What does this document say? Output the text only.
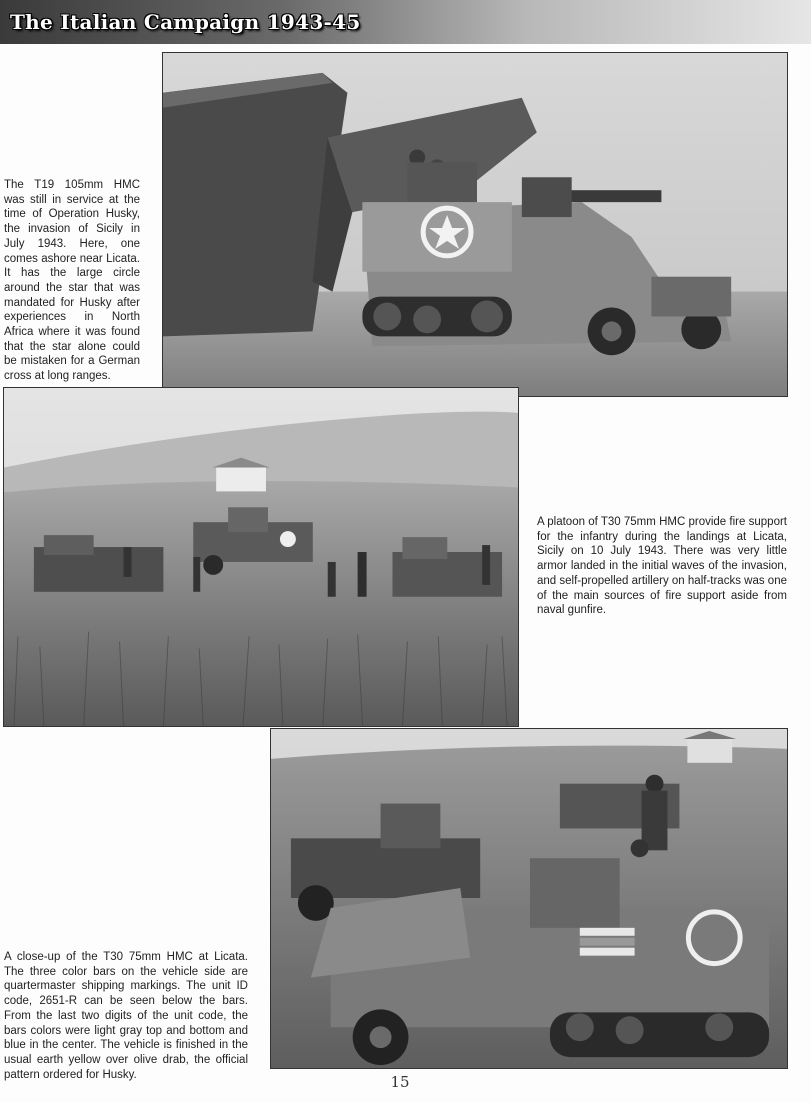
The Italian Campaign 1943-45
The T19 105mm HMC was still in service at the time of Operation Husky, the invasion of Sicily in July 1943. Here, one comes ashore near Licata. It has the large circle around the star that was mandated for Husky after experiences in North Africa where it was found that the star alone could be mistaken for a German cross at long ranges.
A platoon of T30 75mm HMC provide fire support for the infantry during the landings at Licata, Sicily on 10 July 1943. There was very little armor landed in the initial waves of the invasion, and self-propelled artillery on half-tracks was one of the main sources of fire support aside from naval gunfire.
A close-up of the T30 75mm HMC at Licata. The three color bars on the vehicle side are quartermaster shipping markings. The unit ID code, 2651-R can be seen below the bars. From the last two digits of the unit code, the bars colors were light gray top and bottom and blue in the center. The vehicle is finished in the usual earth yellow over olive drab, the official pattern ordered for Husky.	15
